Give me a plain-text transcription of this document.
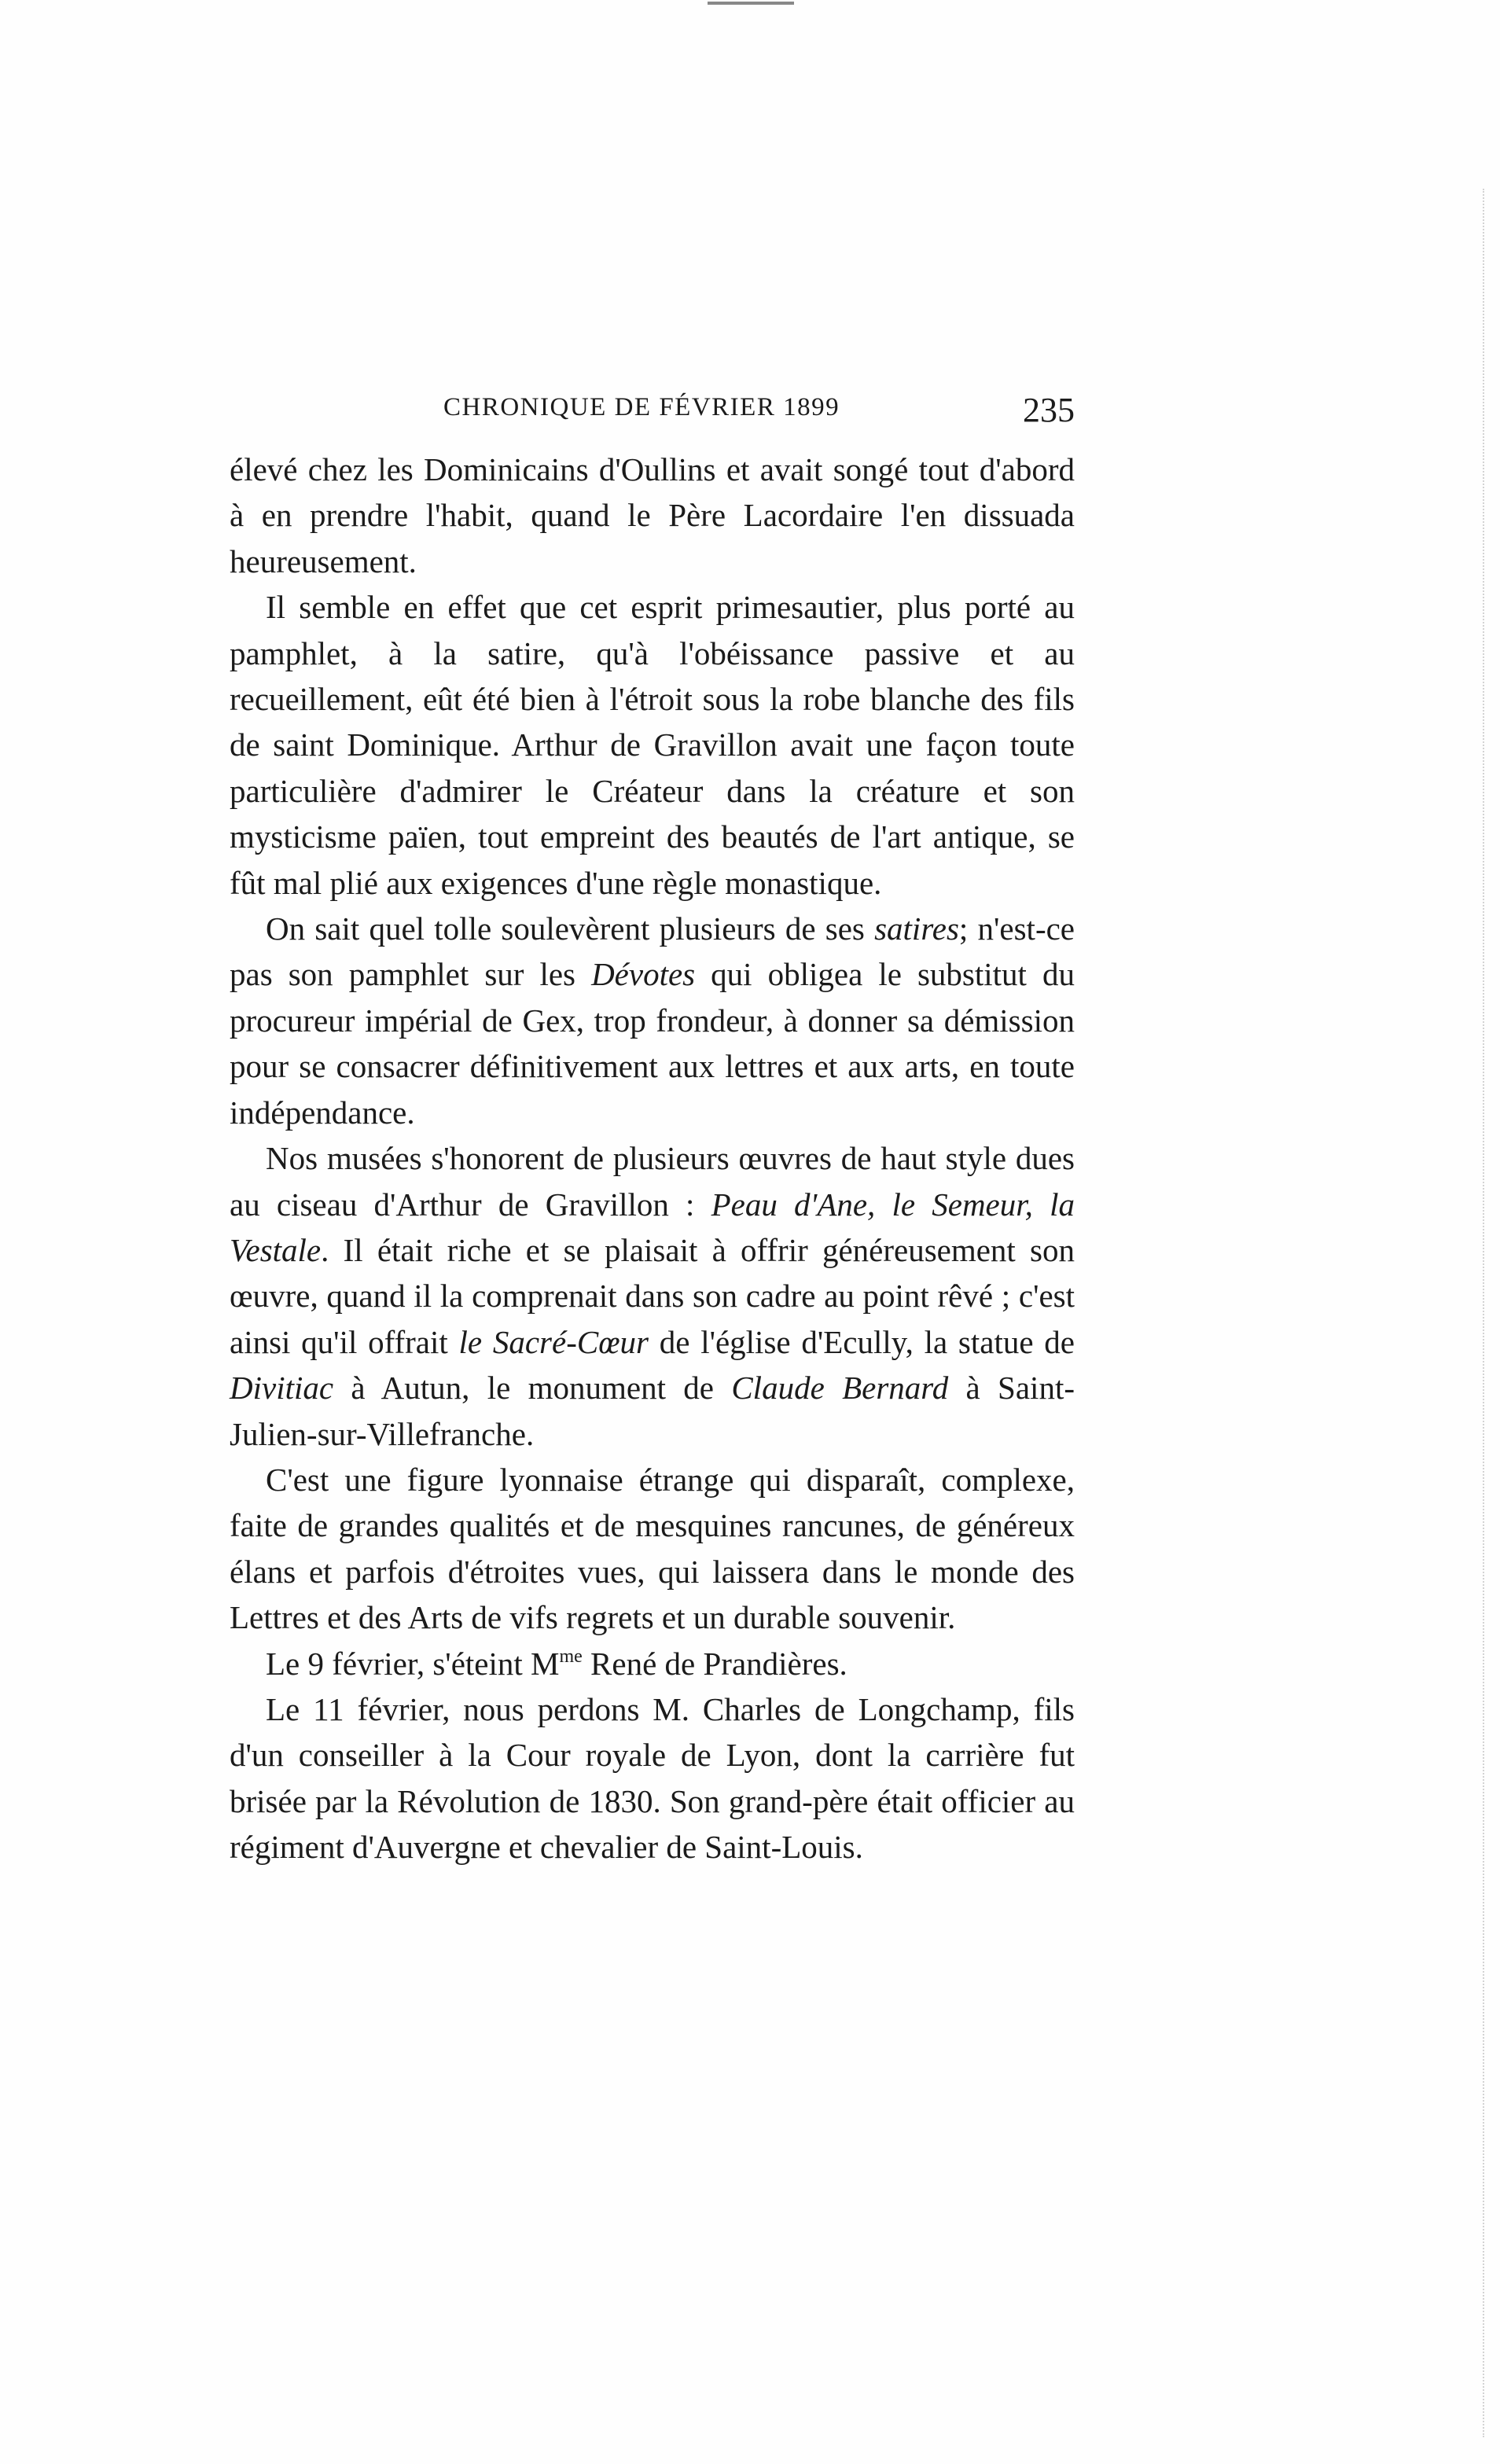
CHRONIQUE DE FÉVRIER 1899	235

élevé chez les Dominicains d'Oullins et avait songé tout d'abord à en prendre l'habit, quand le Père Lacordaire l'en dissuada heureusement.

Il semble en effet que cet esprit primesautier, plus porté au pamphlet, à la satire, qu'à l'obéissance passive et au recueillement, eût été bien à l'étroit sous la robe blanche des fils de saint Dominique. Arthur de Gravillon avait une façon toute particulière d'admirer le Créateur dans la créature et son mysticisme païen, tout empreint des beautés de l'art antique, se fût mal plié aux exigences d'une règle monastique.

On sait quel tolle soulevèrent plusieurs de ses satires; n'est-ce pas son pamphlet sur les Dévotes qui obligea le substitut du procureur impérial de Gex, trop frondeur, à donner sa démission pour se consacrer définitivement aux lettres et aux arts, en toute indépendance.

Nos musées s'honorent de plusieurs œuvres de haut style dues au ciseau d'Arthur de Gravillon : Peau d'Ane, le Semeur, la Vestale. Il était riche et se plaisait à offrir généreusement son œuvre, quand il la comprenait dans son cadre au point rêvé ; c'est ainsi qu'il offrait le Sacré-Cœur de l'église d'Ecully, la statue de Divitiac à Autun, le monument de Claude Bernard à Saint-Julien-sur-Villefranche.

C'est une figure lyonnaise étrange qui disparaît, complexe, faite de grandes qualités et de mesquines rancunes, de généreux élans et parfois d'étroites vues, qui laissera dans le monde des Lettres et des Arts de vifs regrets et un durable souvenir.

Le 9 février, s'éteint $M^{me}$ René de Prandières.

Le 11 février, nous perdons M. Charles de Longchamp, fils d'un conseiller à la Cour royale de Lyon, dont la carrière fut brisée par la Révolution de 1830. Son grand-père était officier au régiment d'Auvergne et chevalier de Saint-Louis.
